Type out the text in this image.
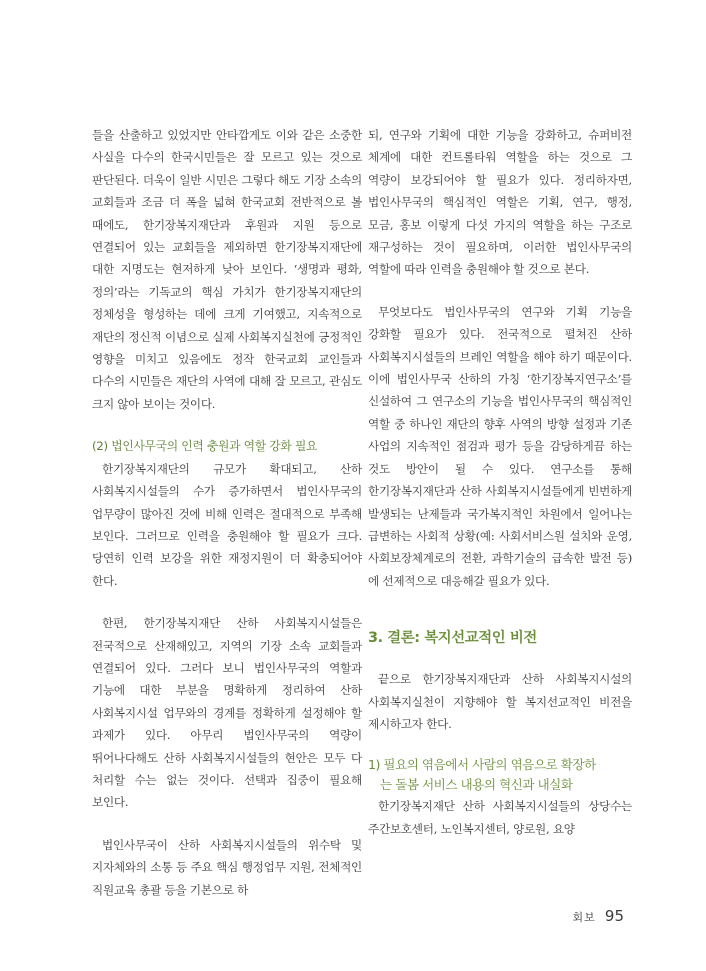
들을 산출하고 있었지만 안타깝게도 이와 같은 소중한 사실을 다수의 한국시민들은 잘 모르고 있는 것으로 판단된다. 더욱이 일반 시민은 그렇다 해도 기장 소속의 교회들과 조금 더 폭을 넓혀 한국교회 전반적으로 볼 때에도, 한기장복지재단과 후원과 지원 등으로 연결되어 있는 교회들을 제외하면 한기장복지재단에 대한 지명도는 현저하게 낮아 보인다. ‘생명과 평화, 정의’라는 기독교의 핵심 가치가 한기장복지재단의 정체성을 형성하는 데에 크게 기여했고, 지속적으로 재단의 정신적 이념으로 실제 사회복지실천에 긍정적인 영향을 미치고 있음에도 정작 한국교회 교인들과 다수의 시민들은 재단의 사역에 대해 잘 모르고, 관심도 크지 않아 보이는 것이다.

(2) 법인사무국의 인력 충원과 역할 강화 필요

한기장복지재단의 규모가 확대되고, 산하 사회복지시설들의 수가 증가하면서 법인사무국의 업무량이 많아진 것에 비해 인력은 절대적으로 부족해 보인다. 그러므로 인력을 충원해야 할 필요가 크다. 당연히 인력 보강을 위한 재정지원이 더 확충되어야 한다.

한편, 한기장복지재단 산하 사회복지시설들은 전국적으로 산재해있고, 지역의 기장 소속 교회들과 연결되어 있다. 그러다 보니 법인사무국의 역할과 기능에 대한 부분을 명확하게 정리하여 산하 사회복지시설 업무와의 경계를 정확하게 설정해야 할 과제가 있다. 아무리 법인사무국의 역량이 뛰어나다해도 산하 사회복지시설들의 현안은 모두 다 처리할 수는 없는 것이다. 선택과 집중이 필요해 보인다.

법인사무국이 산하 사회복지시설들의 위수탁 및 지자체와의 소통 등 주요 핵심 행정업무 지원, 전체적인 직원교육 총괄 등을 기본으로 하

되, 연구와 기획에 대한 기능을 강화하고, 슈퍼비전 체계에 대한 컨트롤타워 역할을 하는 것으로 그 역량이 보강되어야 할 필요가 있다. 정리하자면, 법인사무국의 핵심적인 역할은 기획, 연구, 행정, 모금, 홍보 이렇게 다섯 가지의 역할을 하는 구조로 재구성하는 것이 필요하며, 이러한 법인사무국의 역할에 따라 인력을 충원해야 할 것으로 본다.

무엇보다도 법인사무국의 연구와 기획 기능을 강화할 필요가 있다. 전국적으로 펼쳐진 산하 사회복지시설들의 브레인 역할을 해야 하기 때문이다. 이에 법인사무국 산하의 가칭 ‘한기장복지연구소’를 신설하여 그 연구소의 기능을 법인사무국의 핵심적인 역할 중 하나인 재단의 향후 사역의 방향 설정과 기존 사업의 지속적인 점검과 평가 등을 감당하게끔 하는 것도 방안이 될 수 있다. 연구소를 통해 한기장복지재단과 산하 사회복지시설들에게 빈번하게 발생되는 난제들과 국가복지적인 차원에서 일어나는 급변하는 사회적 상황(예: 사회서비스원 설치와 운영, 사회보장체계로의 전환, 과학기술의 급속한 발전 등)에 선제적으로 대응해갈 필요가 있다.

3. 결론: 복지선교적인 비전

끝으로 한기장복지재단과 산하 사회복지시설의 사회복지실천이 지향해야 할 복지선교적인 비전을 제시하고자 한다.

1) 필요의 엮음에서 사람의 엮음으로 확장하
는 돌봄 서비스 내용의 혁신과 내실화

한기장복지재단 산하 사회복지시설들의 상당수는 주간보호센터, 노인복지센터, 양로원, 요양

회보 95
